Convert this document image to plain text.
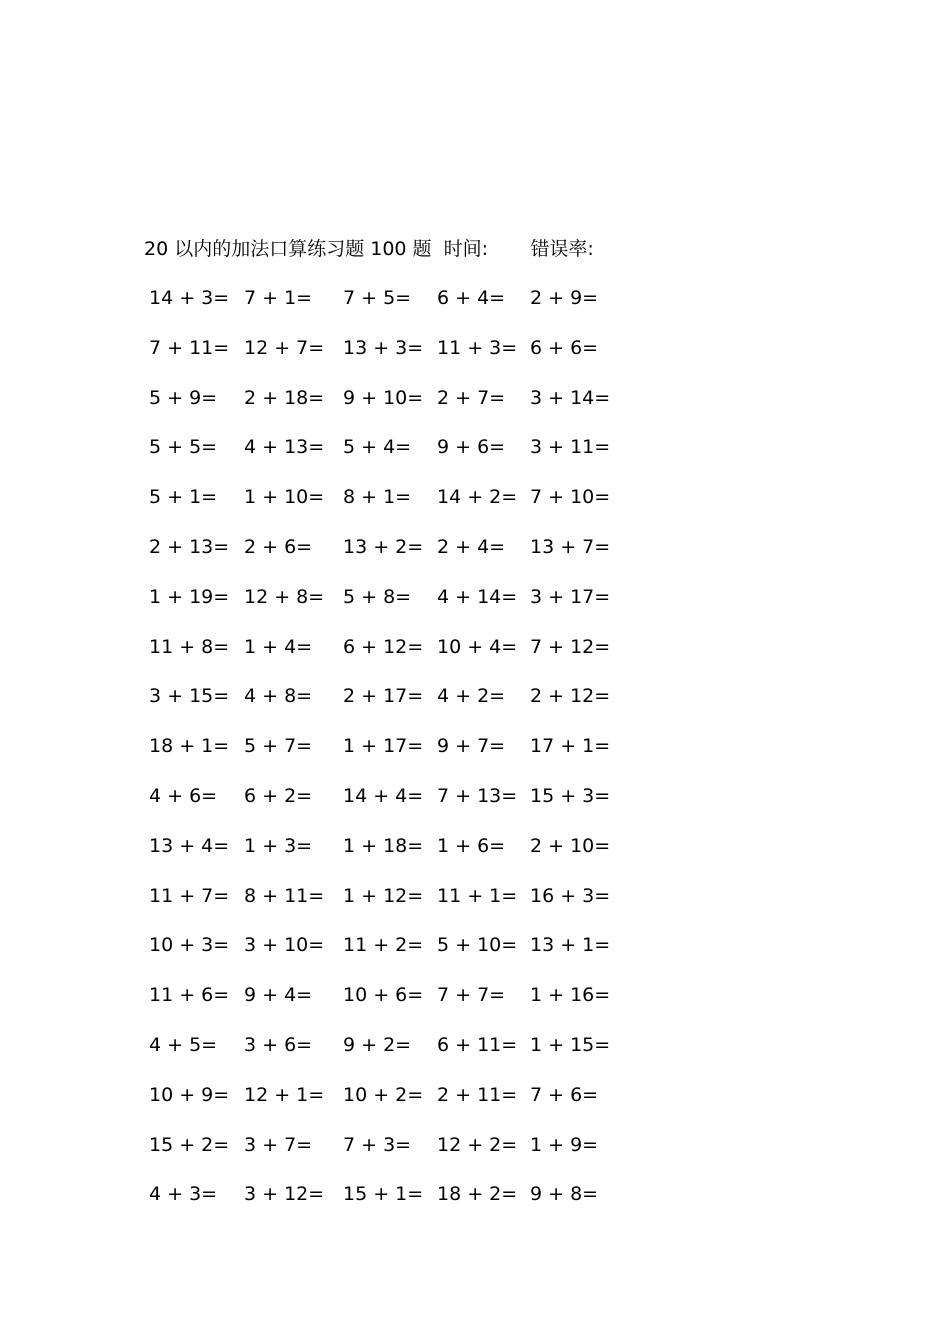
20 以内的加法口算练习题 100 题  时间:       错误率:
14 + 3= 7 + 1= 7 + 5= 6 + 4= 2 + 9=
7 + 11= 12 + 7= 13 + 3= 11 + 3= 6 + 6=
5 + 9= 2 + 18= 9 + 10= 2 + 7= 3 + 14=
5 + 5= 4 + 13= 5 + 4= 9 + 6= 3 + 11=
5 + 1= 1 + 10= 8 + 1= 14 + 2= 7 + 10=
2 + 13= 2 + 6= 13 + 2= 2 + 4= 13 + 7=
1 + 19= 12 + 8= 5 + 8= 4 + 14= 3 + 17=
11 + 8= 1 + 4= 6 + 12= 10 + 4= 7 + 12=
3 + 15= 4 + 8= 2 + 17= 4 + 2= 2 + 12=
18 + 1= 5 + 7= 1 + 17= 9 + 7= 17 + 1=
4 + 6= 6 + 2= 14 + 4= 7 + 13= 15 + 3=
13 + 4= 1 + 3= 1 + 18= 1 + 6= 2 + 10=
11 + 7= 8 + 11= 1 + 12= 11 + 1= 16 + 3=
10 + 3= 3 + 10= 11 + 2= 5 + 10= 13 + 1=
11 + 6= 9 + 4= 10 + 6= 7 + 7= 1 + 16=
4 + 5= 3 + 6= 9 + 2= 6 + 11= 1 + 15=
10 + 9= 12 + 1= 10 + 2= 2 + 11= 7 + 6=
15 + 2= 3 + 7= 7 + 3= 12 + 2= 1 + 9=
4 + 3= 3 + 12= 15 + 1= 18 + 2= 9 + 8=
